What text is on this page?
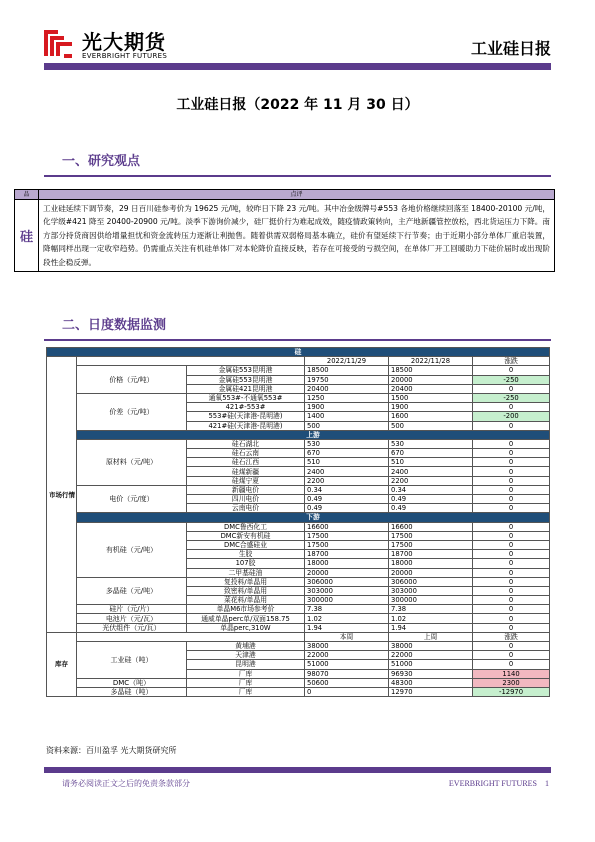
光大期货
EVERBRIGHT FUTURES	工业硅日报
工业硅日报（2022 年 11 月 30 日）
一、研究观点
品	点评
硅	工业硅延续下调节奏，29 日百川硅参考价为 19625 元/吨，较昨日下降 23 元/吨。其中冶金级牌号#553 各地价格继续回落至 18400-20100 元/吨，化学级#421 降至 20400-20900 元/吨。淡季下游询价减少，硅厂挺价行为难起成效，随疫情政策转向，主产地新疆管控放松，西北货运压力下降。南方部分持货商因供给增量担忧和资金流转压力逐渐让利抛售。随着供需双弱格局基本确立，硅价有望延续下行节奏；由于近期小部分单体厂重启装置，降幅同样出现一定收窄趋势。仍需重点关注有机硅单体厂对本轮降价直接反映，若存在可接受的亏损空间，在单体厂开工回暖助力下硅价届时或出现阶段性企稳反弹。
二、日度数据监测
硅					
市场行情			2022/11/29	2022/11/28	涨跌
	价格（元/吨）	金属硅553昆明港	18500	18500	0
		金属硅553昆明港	19750	20000	-250
		金属硅421昆明港	20400	20400	0
	价差（元/吨）	通氧553#-不通氧553#	1250	1500	-250
		421#-553#	1900	1900	0
		553#硅(天津港-昆明港)	1400	1600	-200
		421#硅(天津港-昆明港)	500	500	0
	上游				
	原材料（元/吨）	硅石湖北	530	530	0
		硅石云南	670	670	0
		硅石江西	510	510	0
		硅煤新疆	2400	2400	0
		硅煤宁夏	2200	2200	0
	电价（元/度）	新疆电价	0.34	0.34	0
		四川电价	0.49	0.49	0
		云南电价	0.49	0.49	0
	下游				
	有机硅（元/吨）	DMC鲁西化工	16600	16600	0
		DMC新安有机硅	17500	17500	0
		DMC合盛硅业	17500	17500	0
		生胶	18700	18700	0
		107胶	18000	18000	0
		二甲基硅油	20000	20000	0
	多晶硅（元/吨）	复投料/单晶用	306000	306000	0
		致密料/单晶用	303000	303000	0
		菜花料/单晶用	300000	300000	0
	硅片（元/片）	单晶M6市场参考价	7.38	7.38	0
	电池片（元/瓦）	通威单晶perc单/双面158.75	1.02	1.02	0
	光伏组件（元/瓦）	单晶perc,310W	1.94	1.94	0
库存			本周	上周	涨跌
	工业硅（吨）	黄埔港	38000	38000	0
		天津港	22000	22000	0
		昆明港	51000	51000	0
		厂库	98070	96930	1140
	DMC（吨）	厂库	50600	48300	2300
	多晶硅（吨）	厂库	0	12970	-12970
资料来源：百川盈孚 光大期货研究所
请务必阅读正文之后的免责条款部分	EVERBRIGHT FUTURES　1
